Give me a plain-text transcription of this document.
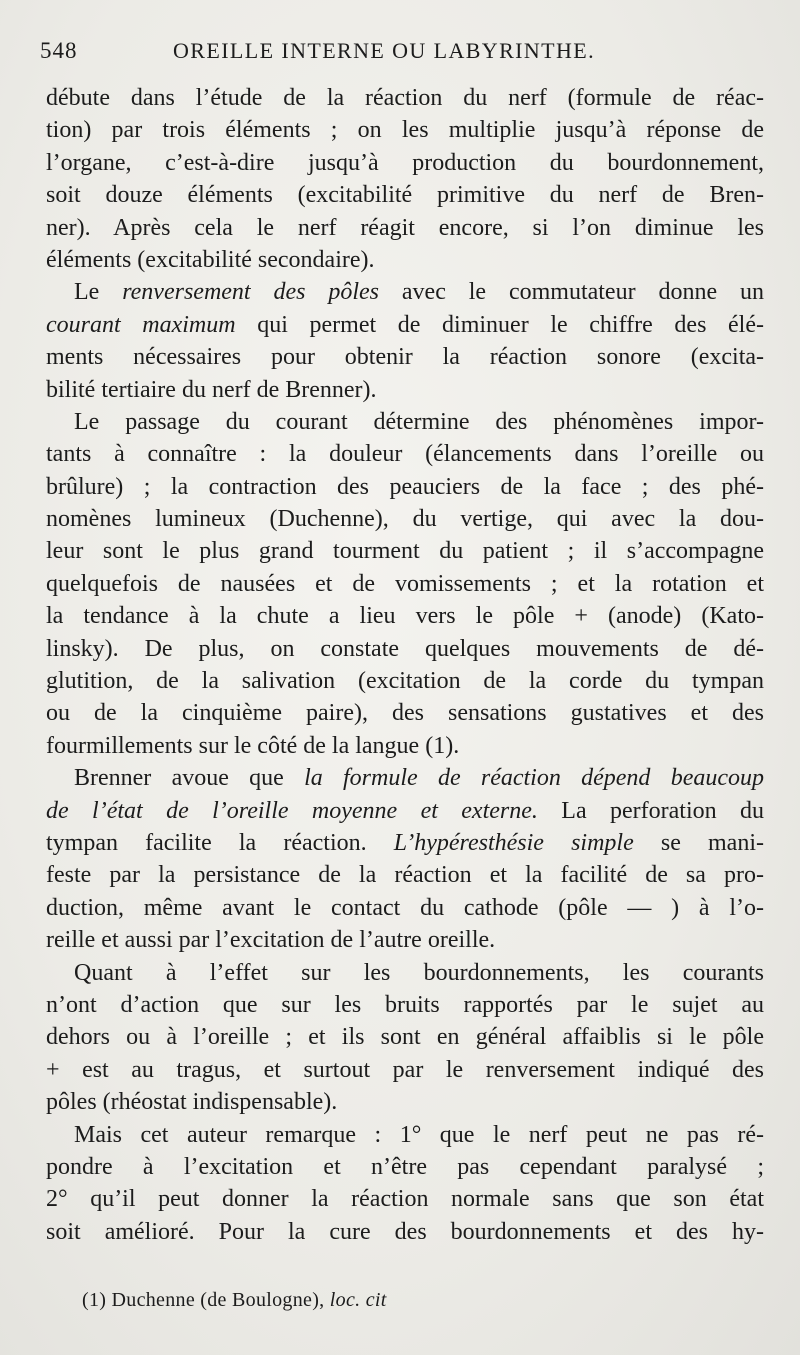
548	OREILLE INTERNE OU LABYRINTHE.
débute dans l’étude de la réaction du nerf (formule de réac-
tion) par trois éléments ; on les multiplie jusqu’à réponse de
l’organe, c’est-à-dire jusqu’à production du bourdonnement,
soit douze éléments (excitabilité primitive du nerf de Bren-
ner). Après cela le nerf réagit encore, si l’on diminue les
éléments (excitabilité secondaire).
Le renversement des pôles avec le commutateur donne un
courant maximum qui permet de diminuer le chiffre des élé-
ments nécessaires pour obtenir la réaction sonore (excita-
bilité tertiaire du nerf de Brenner).
Le passage du courant détermine des phénomènes impor-
tants à connaître : la douleur (élancements dans l’oreille ou
brûlure) ; la contraction des peauciers de la face ; des phé-
nomènes lumineux (Duchenne), du vertige, qui avec la dou-
leur sont le plus grand tourment du patient ; il s’accompagne
quelquefois de nausées et de vomissements ; et la rotation et
la tendance à la chute a lieu vers le pôle + (anode) (Kato-
linsky). De plus, on constate quelques mouvements de dé-
glutition, de la salivation (excitation de la corde du tympan
ou de la cinquième paire), des sensations gustatives et des
fourmillements sur le côté de la langue (1).
Brenner avoue que la formule de réaction dépend beaucoup
de l’état de l’oreille moyenne et externe. La perforation du
tympan facilite la réaction. L’hypéresthésie simple se mani-
feste par la persistance de la réaction et la facilité de sa pro-
duction, même avant le contact du cathode (pôle — ) à l’o-
reille et aussi par l’excitation de l’autre oreille.
Quant à l’effet sur les bourdonnements, les courants
n’ont d’action que sur les bruits rapportés par le sujet au
dehors ou à l’oreille ; et ils sont en général affaiblis si le pôle
+ est au tragus, et surtout par le renversement indiqué des
pôles (rhéostat indispensable).
Mais cet auteur remarque : 1° que le nerf peut ne pas ré-
pondre à l’excitation et n’être pas cependant paralysé ;
2° qu’il peut donner la réaction normale sans que son état
soit amélioré. Pour la cure des bourdonnements et des hy-
(1) Duchenne (de Boulogne), loc. cit
